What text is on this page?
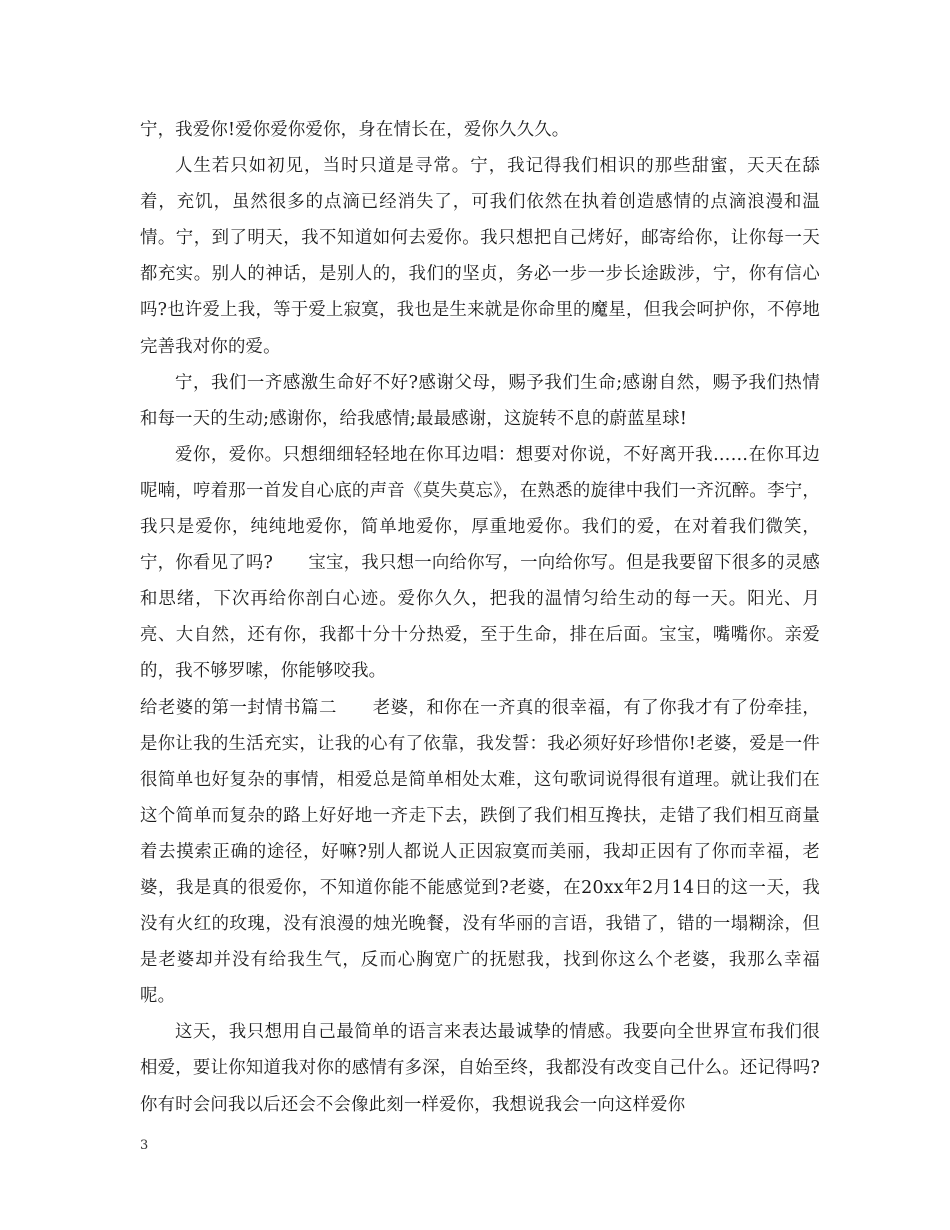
宁，我爱你!爱你爱你爱你，身在情长在，爱你久久久。

人生若只如初见，当时只道是寻常。宁，我记得我们相识的那些甜蜜，天天在舔着，充饥，虽然很多的点滴已经消失了，可我们依然在执着创造感情的点滴浪漫和温情。宁，到了明天，我不知道如何去爱你。我只想把自己烤好，邮寄给你，让你每一天都充实。别人的神话，是别人的，我们的坚贞，务必一步一步长途跋涉，宁，你有信心吗?也许爱上我，等于爱上寂寞，我也是生来就是你命里的魔星，但我会呵护你，不停地完善我对你的爱。

宁，我们一齐感激生命好不好?感谢父母，赐予我们生命;感谢自然，赐予我们热情和每一天的生动;感谢你，给我感情;最最感谢，这旋转不息的蔚蓝星球!

爱你，爱你。只想细细轻轻地在你耳边唱：想要对你说，不好离开我……在你耳边呢喃，哼着那一首发自心底的声音《莫失莫忘》，在熟悉的旋律中我们一齐沉醉。李宁，我只是爱你，纯纯地爱你，简单地爱你，厚重地爱你。我们的爱，在对着我们微笑，宁，你看见了吗?　　宝宝，我只想一向给你写，一向给你写。但是我要留下很多的灵感和思绪，下次再给你剖白心迹。爱你久久，把我的温情匀给生动的每一天。阳光、月亮、大自然，还有你，我都十分十分热爱，至于生命，排在后面。宝宝，嘴嘴你。亲爱的，我不够罗嗦，你能够咬我。

给老婆的第一封情书篇二　　老婆，和你在一齐真的很幸福，有了你我才有了份牵挂，是你让我的生活充实，让我的心有了依靠，我发誓：我必须好好珍惜你!老婆，爱是一件很简单也好复杂的事情，相爱总是简单相处太难，这句歌词说得很有道理。就让我们在这个简单而复杂的路上好好地一齐走下去，跌倒了我们相互搀扶，走错了我们相互商量着去摸索正确的途径，好嘛?别人都说人正因寂寞而美丽，我却正因有了你而幸福，老婆，我是真的很爱你，不知道你能不能感觉到?老婆，在20xx年2月14日的这一天，我没有火红的玫瑰，没有浪漫的烛光晚餐，没有华丽的言语，我错了，错的一塌糊涂，但是老婆却并没有给我生气，反而心胸宽广的抚慰我，找到你这么个老婆，我那么幸福呢。

这天，我只想用自己最简单的语言来表达最诚挚的情感。我要向全世界宣布我们很相爱，要让你知道我对你的感情有多深，自始至终，我都没有改变自己什么。还记得吗?你有时会问我以后还会不会像此刻一样爱你，我想说我会一向这样爱你

3
